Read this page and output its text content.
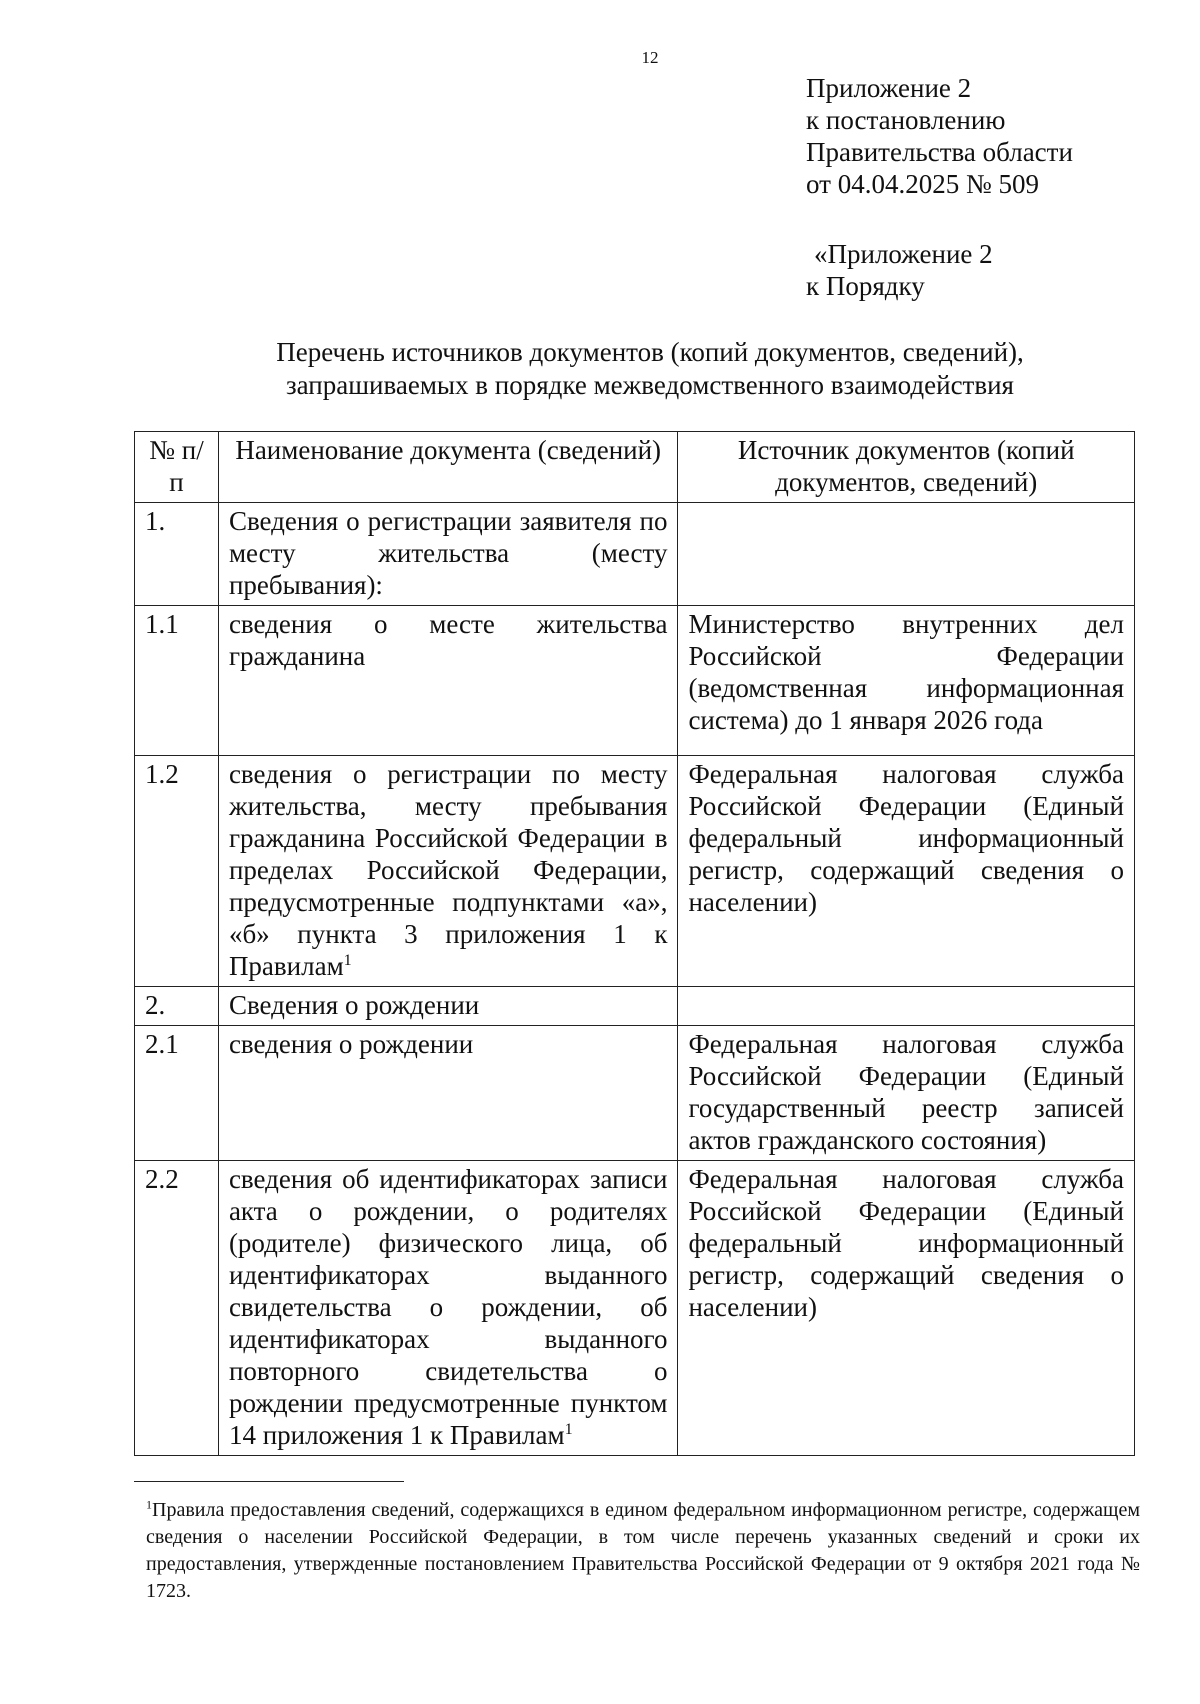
12
Приложение 2
к постановлению
Правительства области
от 04.04.2025 № 509
«Приложение 2
к Порядку
Перечень источников документов (копий документов, сведений),
запрашиваемых в порядке межведомственного взаимодействия
№ п/п	Наименование документа (сведений)	Источник документов (копий документов, сведений)
1.	Сведения о регистрации заявителя по месту жительства (месту пребывания):	
1.1	сведения о месте жительства гражданина	Министерство внутренних дел Российской Федерации (ведомственная информационная система) до 1 января 2026 года
1.2	сведения о регистрации по месту жительства, месту пребывания гражданина Российской Федерации в пределах Российской Федерации, предусмотренные подпунктами «а», «б» пункта 3 приложения 1 к Правилам$^1$	Федеральная налоговая служба Российской Федерации (Единый федеральный информационный регистр, содержащий сведения о населении)
2.	Сведения о рождении	
2.1	сведения о рождении	Федеральная налоговая служба Российской Федерации (Единый государственный реестр записей актов гражданского состояния)
2.2	сведения об идентификаторах записи акта о рождении, о родителях (родителе) физического лица, об идентификаторах выданного свидетельства о рождении, об идентификаторах выданного повторного свидетельства о рождении предусмотренные пунктом 14 приложения 1 к Правилам$^1$	Федеральная налоговая служба Российской Федерации (Единый федеральный информационный регистр, содержащий сведения о населении)
$^1$Правила предоставления сведений, содержащихся в едином федеральном информационном регистре, содержащем сведения о населении Российской Федерации, в том числе перечень указанных сведений и сроки их предоставления, утвержденные постановлением Правительства Российской Федерации от 9 октября 2021 года № 1723.
